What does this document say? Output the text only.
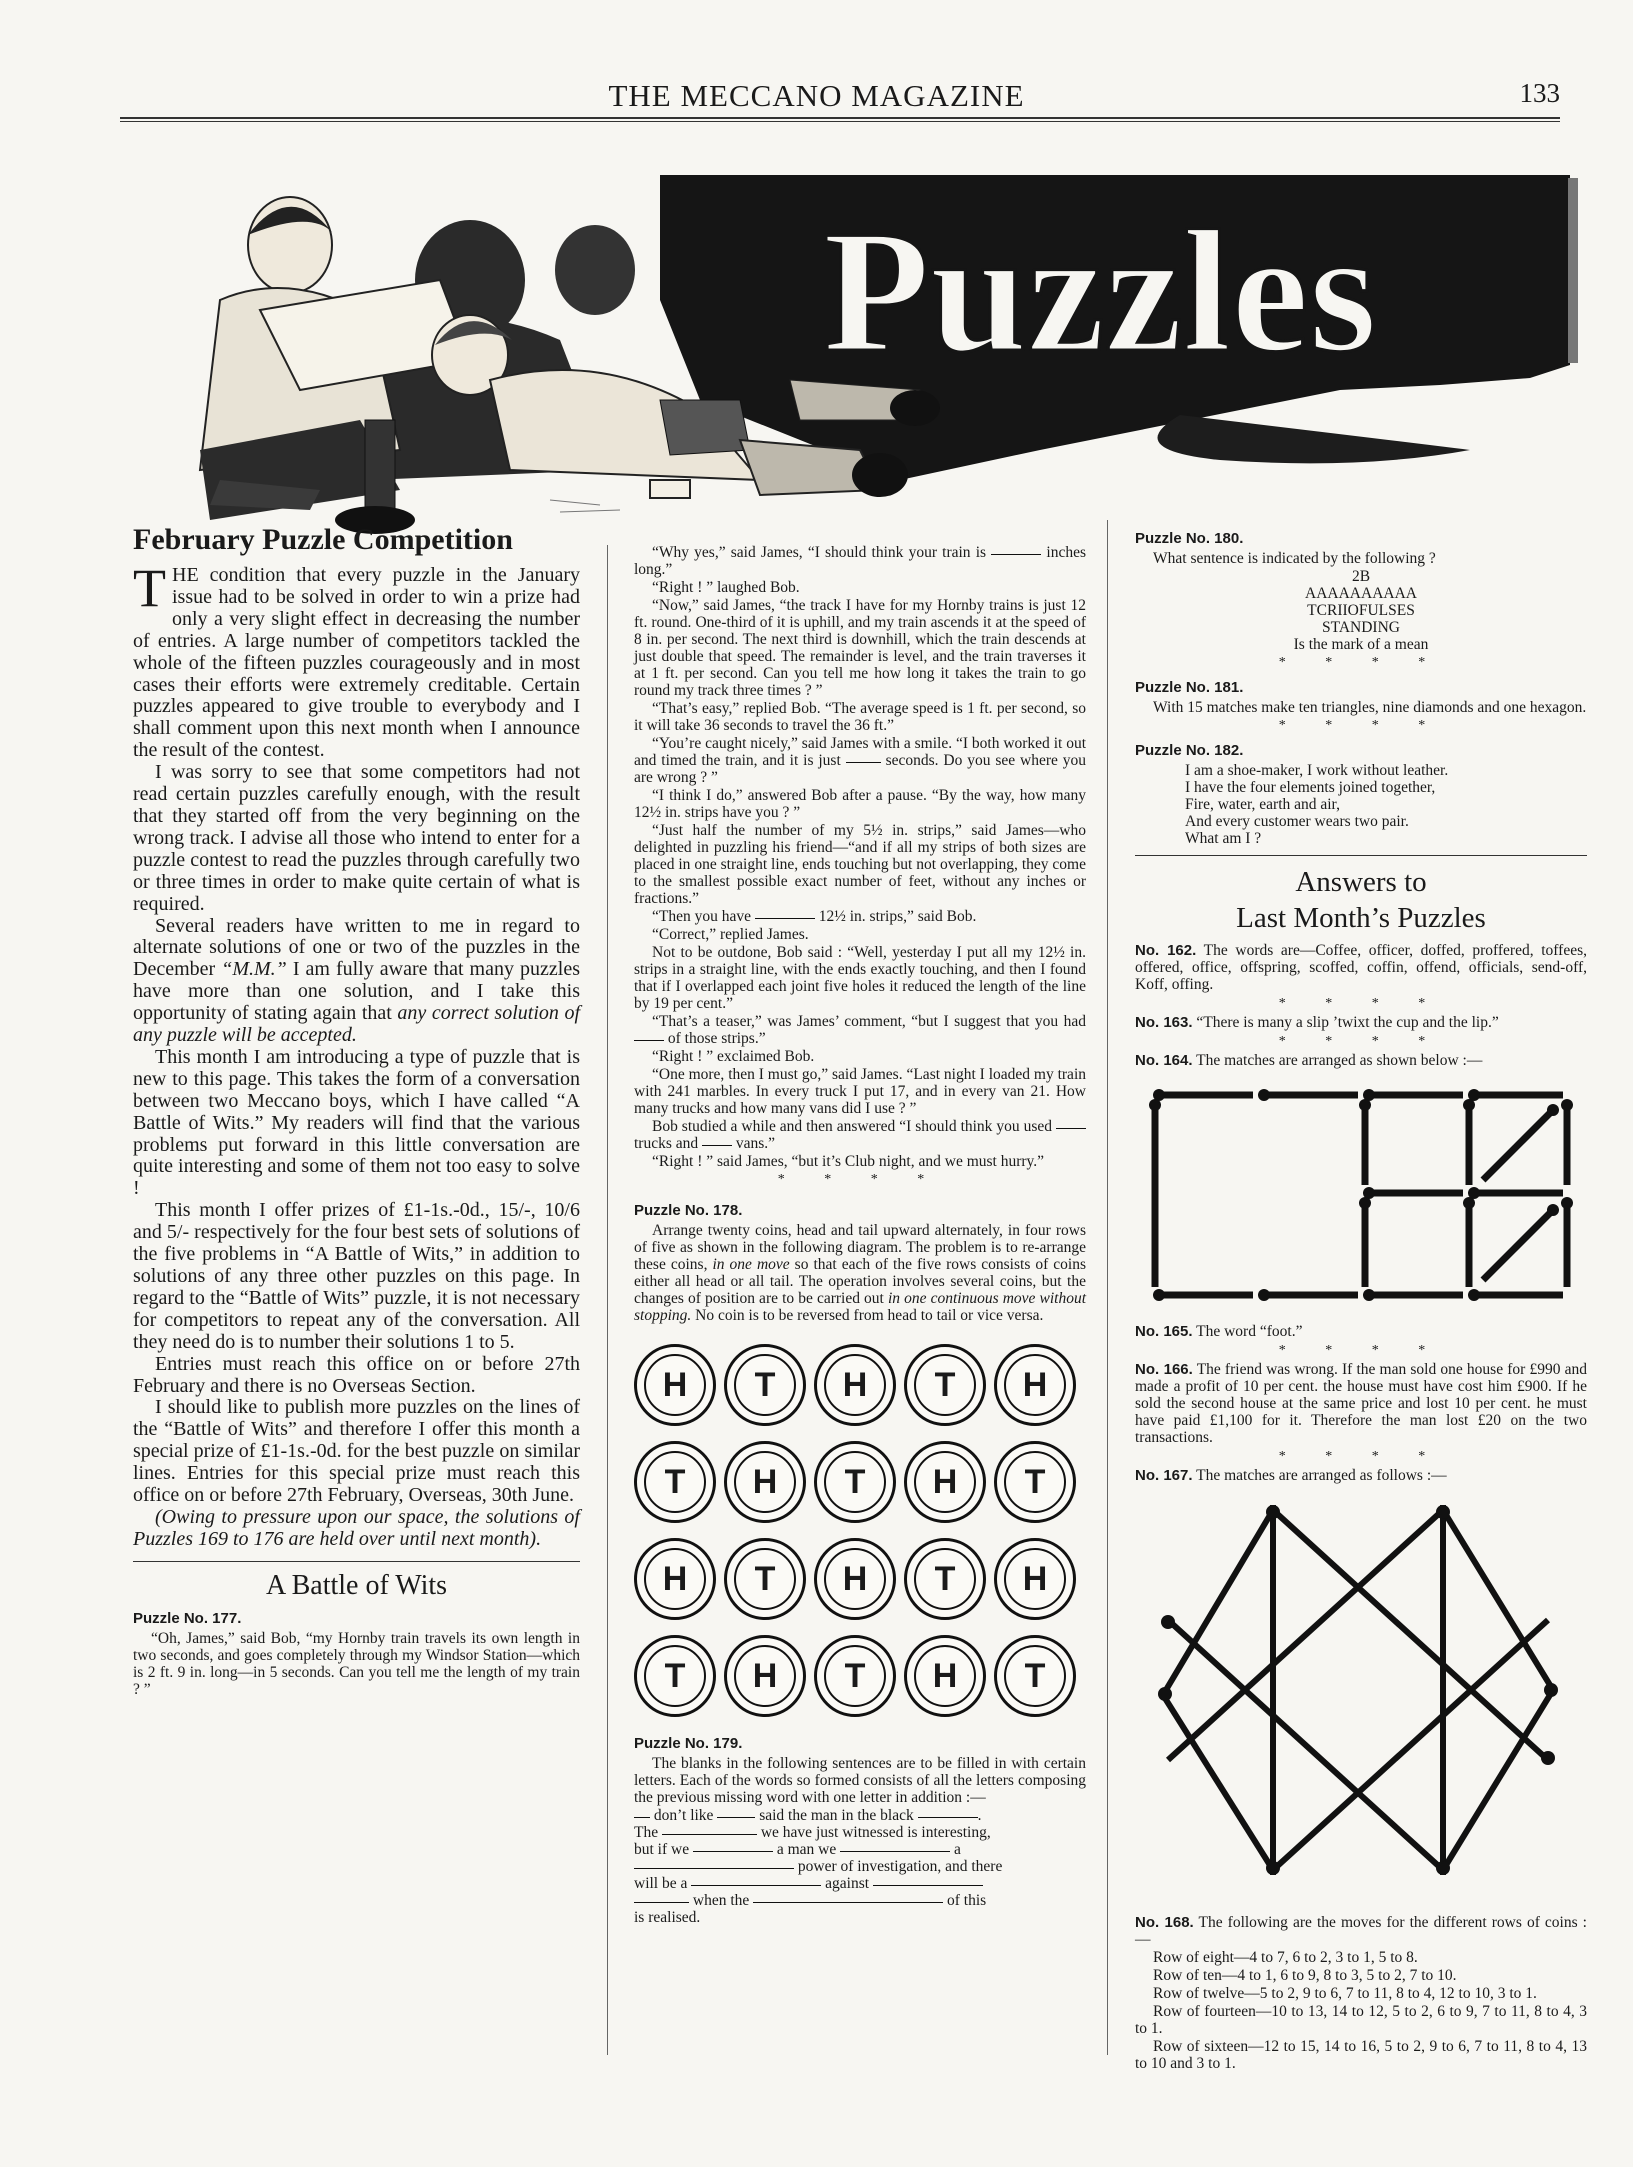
THE MECCANO MAGAZINE	133
Puzzles
February Puzzle Competition

THE condition that every puzzle in the January issue had to be solved in order to win a prize had only a very slight effect in decreasing the number of entries. A large number of competitors tackled the whole of the fifteen puzzles courageously and in most cases their efforts were extremely creditable. Certain puzzles appeared to give trouble to everybody and I shall comment upon this next month when I announce the result of the contest.

I was sorry to see that some competitors had not read certain puzzles carefully enough, with the result that they started off from the very beginning on the wrong track. I advise all those who intend to enter for a puzzle contest to read the puzzles through carefully two or three times in order to make quite certain of what is required.

Several readers have written to me in regard to alternate solutions of one or two of the puzzles in the December “M.M.” I am fully aware that many puzzles have more than one solution, and I take this opportunity of stating again that any correct solution of any puzzle will be accepted.

This month I am introducing a type of puzzle that is new to this page. This takes the form of a conversation between two Meccano boys, which I have called “A Battle of Wits.” My readers will find that the various problems put forward in this little conversation are quite interesting and some of them not too easy to solve !

This month I offer prizes of £1-1s.-0d., 15/-, 10/6 and 5/- respectively for the four best sets of solutions of the five problems in “A Battle of Wits,” in addition to solutions of any three other puzzles on this page. In regard to the “Battle of Wits” puzzle, it is not necessary for competitors to repeat any of the conversation. All they need do is to number their solutions 1 to 5.

Entries must reach this office on or before 27th February and there is no Overseas Section.

I should like to publish more puzzles on the lines of the “Battle of Wits” and therefore I offer this month a special prize of £1-1s.-0d. for the best puzzle on similar lines. Entries for this special prize must reach this office on or before 27th February, Overseas, 30th June.

(Owing to pressure upon our space, the solutions of Puzzles 169 to 176 are held over until next month).

A Battle of Wits
Puzzle No. 177.

“Oh, James,” said Bob, “my Hornby train travels its own length in two seconds, and goes completely through my Windsor Station—which is 2 ft. 9 in. long—in 5 seconds. Can you tell me the length of my train ? ”

“Why yes,” said James, “I should think your train is	inches long.”

“Right ! ” laughed Bob.

“Now,” said James, “the track I have for my Hornby trains is just 12 ft. round. One-third of it is uphill, and my train ascends it at the speed of 8 in. per second. The next third is downhill, which the train descends at just double that speed. The remainder is level, and the train traverses it at 1 ft. per second. Can you tell me how long it takes the train to go round my track three times ? ”

“That’s easy,” replied Bob. “The average speed is 1 ft. per second, so it will take 36 seconds to travel the 36 ft.”

“You’re caught nicely,” said James with a smile. “I both worked it out and timed the train, and it is just	seconds. Do you see where you are wrong ? ”

“I think I do,” answered Bob after a pause. “By the way, how many 12½ in. strips have you ? ”

“Just half the number of my 5½ in. strips,” said James—who delighted in puzzling his friend—“and if all my strips of both sizes are placed in one straight line, ends touching but not overlapping, they come to the smallest possible exact number of feet, without any inches or fractions.”

“Then you have	12½ in. strips,” said Bob.

“Correct,” replied James.

Not to be outdone, Bob said : “Well, yesterday I put all my 12½ in. strips in a straight line, with the ends exactly touching, and then I found that if I overlapped each joint five holes it reduced the length of the line by 19 per cent.”

“That’s a teaser,” was James’ comment, “but I suggest that you had  of those strips.”

“Right ! ” exclaimed Bob.

“One more, then I must go,” said James. “Last night I loaded my train with 241 marbles. In every truck I put 17, and in every van 21. How many trucks and how many vans did I use ? ”

Bob studied a while and then answered “I should think you used  trucks and vans.”

“Right ! ” said James, “but it’s Club night, and we must hurry.”

* * * *
Puzzle No. 178.

Arrange twenty coins, head and tail upward alternately, in four rows of five as shown in the following diagram. The problem is to re-arrange these coins, in one move so that each of the five rows consists of coins either all head or all tail. The operation involves several coins, but the changes of position are to be carried out in one continuous move without stopping. No coin is to be reversed from head to tail or vice versa.

H	T	H	T	H
T	H	T	H	T
H	T	H	T	H
T	H	T	H	T
Puzzle No. 179.

The blanks in the following sentences are to be filled in with certain letters. Each of the words so formed consists of all the letters composing the previous missing word with one letter in addition :—

don’t like	said the man in the black	.

The	we have just witnessed is interesting,

but if we	a man we	a

power of investigation, and there

will be a	against

when the	of this

is realised.

Puzzle No. 180.

What sentence is indicated by the following ?

2B
AAAAAAAAAA
TCRIIOFULSES
STANDING
Is the mark of a mean
* * * *
Puzzle No. 181.

With 15 matches make ten triangles, nine diamonds and one hexagon.

* * * *
Puzzle No. 182.
I am a shoe-maker, I work without leather.
I have the four elements joined together,
Fire, water, earth and air,
And every customer wears two pair.
What am I ?
Answers to
Last Month’s Puzzles

No. 162. The words are—Coffee, officer, doffed, proffered, toffees, offered, office, offspring, scoffed, coffin, offend, officials, send-off, Koff, offing.

* * * *

No. 163. “There is many a slip ’twixt the cup and the lip.”

* * * *

No. 164. The matches are arranged as shown below :—

No. 165. The word “foot.”

* * * *

No. 166. The friend was wrong. If the man sold one house for £990 and made a profit of 10 per cent. the house must have cost him £900. If he sold the second house at the same price and lost 10 per cent. he must have paid £1,100 for it. Therefore the man lost £20 on the two transactions.

* * * *

No. 167. The matches are arranged as follows :—

No. 168. The following are the moves for the different rows of coins :—

Row of eight—4 to 7, 6 to 2, 3 to 1, 5 to 8.

Row of ten—4 to 1, 6 to 9, 8 to 3, 5 to 2, 7 to 10.

Row of twelve—5 to 2, 9 to 6, 7 to 11, 8 to 4, 12 to 10, 3 to 1.

Row of fourteen—10 to 13, 14 to 12, 5 to 2, 6 to 9, 7 to 11, 8 to 4, 3 to 1.

Row of sixteen—12 to 15, 14 to 16, 5 to 2, 9 to 6, 7 to 11, 8 to 4, 13 to 10 and 3 to 1.
